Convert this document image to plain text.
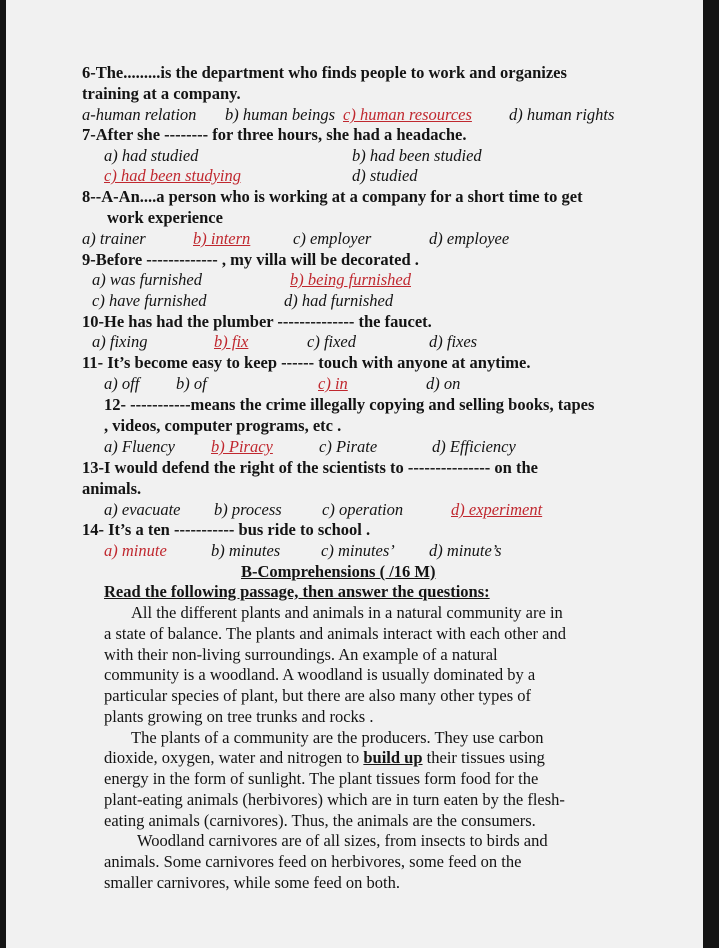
6-The.........is the department who finds people to work and organizes
training at a company.
a-human relation b) human beings c) human resources d) human rights
7-After she -------- for three hours, she had a headache.
a) had studied	b) had been studied
c) had been studying	d) studied
8--A-An....a person who is working at a company for a short time to get
work experience
a) trainer	b) intern	c) employer	d) employee
9-Before ------------- , my villa will be decorated .
a) was furnished	b) being furnished
c) have furnished	d) had furnished
10-He has had the plumber -------------- the faucet.
a) fixing	b) fix	c) fixed	d) fixes
11- It’s become easy to keep ------ touch with anyone at anytime.
a) off b) of	c) in	d) on
12- -----------means the crime illegally copying and selling books, tapes
, videos, computer programs, etc .
a) Fluency b) Piracy	c) Pirate	d) Efficiency
13-I would defend the right of the scientists to --------------- on the
animals.
a) evacuate b) process c) operation	d) experiment
14- It’s a ten ----------- bus ride to school .
a) minute	b) minutes c) minutes’ d) minute’s
B-Comprehensions ( /16 M)
Read the following passage, then answer the questions:
All the different plants and animals in a natural community are in
a state of balance. The plants and animals interact with each other and
with their non-living surroundings. An example of a natural
community is a woodland. A woodland is usually dominated by a
particular species of plant, but there are also many other types of
plants growing on tree trunks and rocks .
The plants of a community are the producers. They use carbon
dioxide, oxygen, water and nitrogen to build up their tissues using
energy in the form of sunlight. The plant tissues form food for the
plant-eating animals (herbivores) which are in turn eaten by the flesh-
eating animals (carnivores). Thus, the animals are the consumers.
Woodland carnivores are of all sizes, from insects to birds and
animals. Some carnivores feed on herbivores, some feed on the
smaller carnivores, while some feed on both.
